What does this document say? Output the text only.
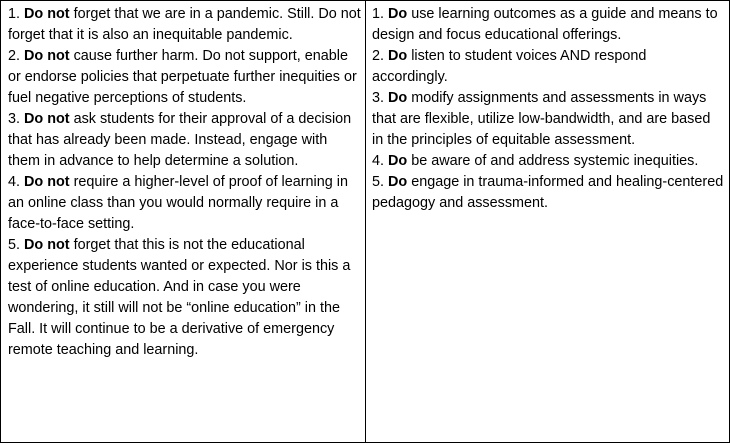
1. Do not forget that we are in a pandemic. Still. Do not forget that it is also an inequitable pandemic.

2. Do not cause further harm. Do not support, enable or endorse policies that perpetuate further inequities or fuel negative perceptions of students.

3. Do not ask students for their approval of a decision that has already been made. Instead, engage with them in advance to help determine a solution.

4. Do not require a higher-level of proof of learning in an online class than you would normally require in a face-to-face setting.

5. Do not forget that this is not the educational experience students wanted or expected. Nor is this a test of online education. And in case you were wondering, it still will not be “online education” in the Fall. It will continue to be a derivative of emergency remote teaching and learning.

1. Do use learning outcomes as a guide and means to design and focus educational offerings.

2. Do listen to student voices AND respond accordingly.

3. Do modify assignments and assessments in ways that are flexible, utilize low-bandwidth, and are based in the principles of equitable assessment.

4. Do be aware of and address systemic inequities.

5. Do engage in trauma-informed and healing-centered pedagogy and assessment.
